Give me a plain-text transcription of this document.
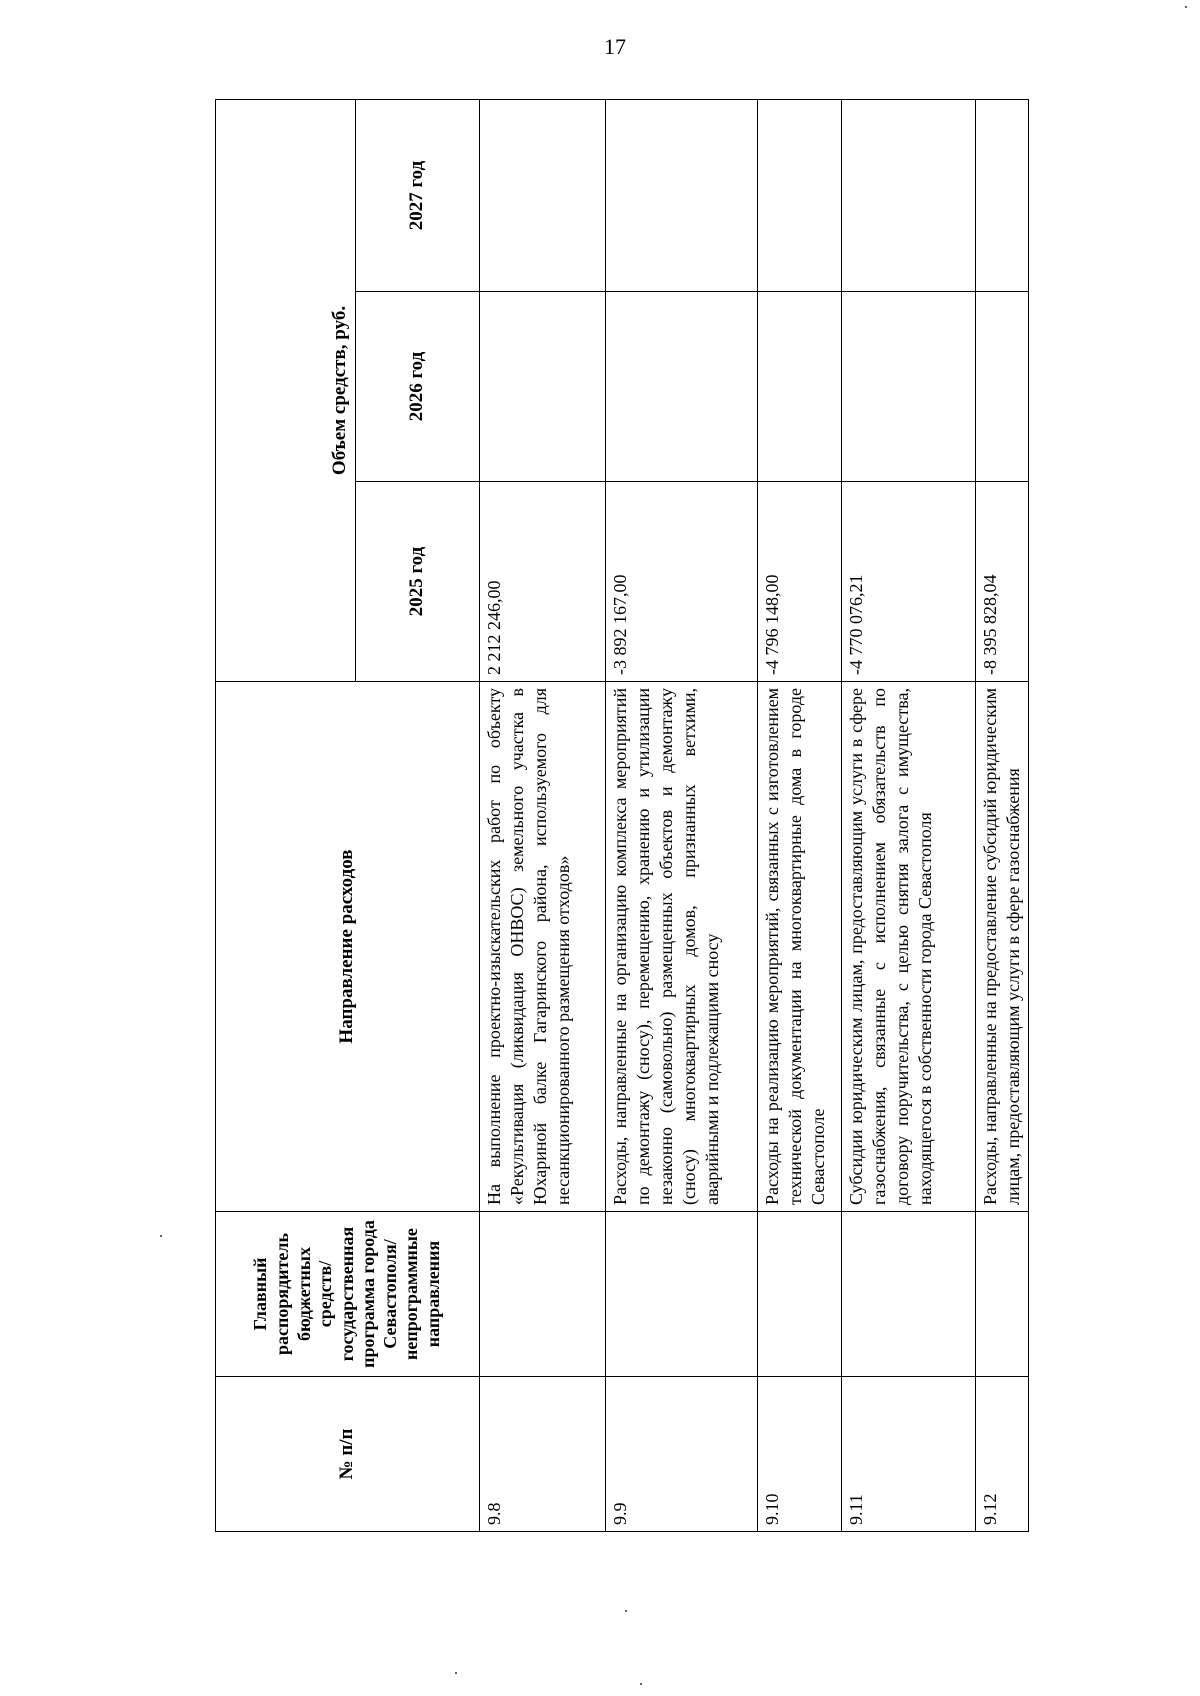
17
№ п/п	Главный распорядитель бюджетных средств/государственная программа города Севастополя/непрограммные направления	Направление расходов	Объем средств, руб.		
			2025 год	2026 год	2027 год
9.8		На выполнение проектно-изыскательских работ по объекту «Рекультивация (ликвидация ОНВОС) земельного участка в Юхариной балке Гагаринского района, используемого для несанкционированного размещения отходов»	2 212 246,00		
9.9		Расходы, направленные на организацию комплекса мероприятий по демонтажу (сносу), перемещению, хранению и утилизации незаконно (самовольно) размещенных объектов и демонтажу (сносу) многоквартирных домов, признанных ветхими, аварийными и подлежащими сносу	-3 892 167,00		
9.10		Расходы на реализацию мероприятий, связанных с изготовлением технической документации на многоквартирные дома в городе Севастополе	-4 796 148,00		
9.11		Субсидии юридическим лицам, предоставляющим услуги в сфере газоснабжения, связанные с исполнением обязательств по договору поручительства, с целью снятия залога с имущества, находящегося в собственности города Севастополя	-4 770 076,21		
9.12		Расходы, направленные на предоставление субсидий юридическим лицам, предоставляющим услуги в сфере газоснабжения	-8 395 828,04		
